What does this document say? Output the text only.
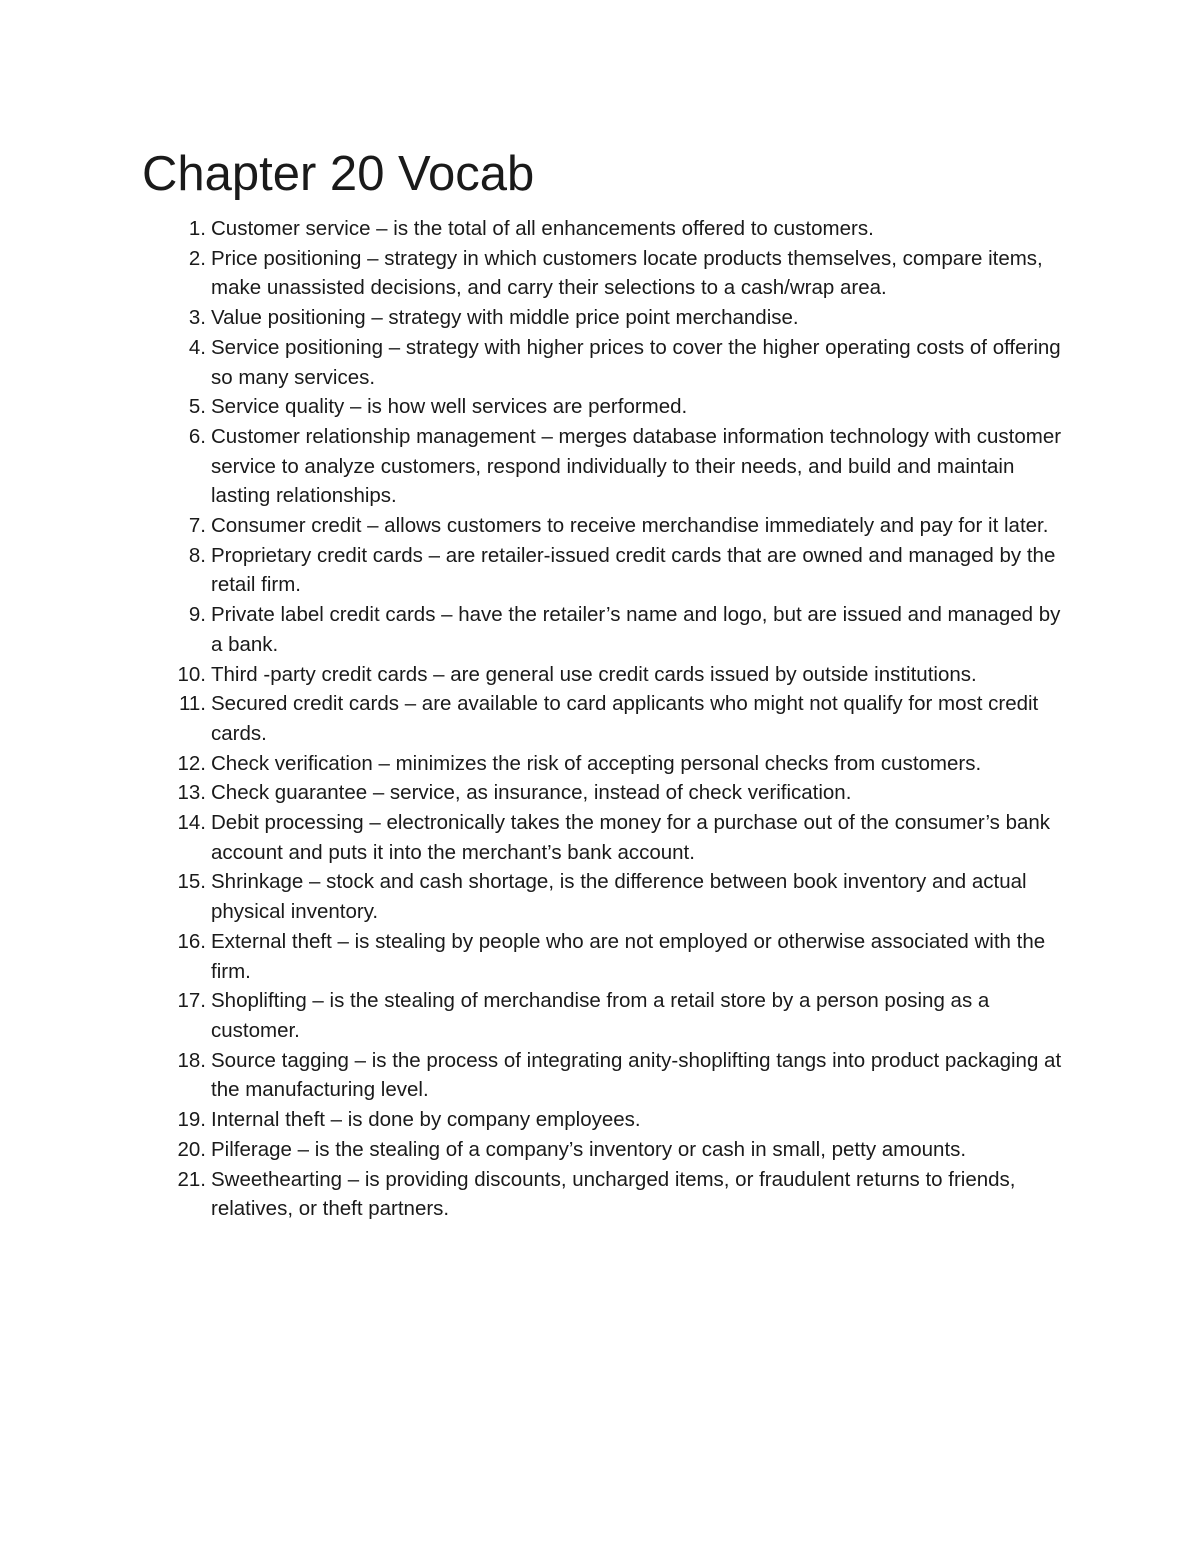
Chapter 20 Vocab
1. Customer service – is the total of all enhancements offered to customers.
2. Price positioning – strategy in which customers locate products themselves, compare items, make unassisted decisions, and carry their selections to a cash/wrap area.
3. Value positioning – strategy with middle price point merchandise.
4. Service positioning – strategy with higher prices to cover the higher operating costs of offering so many services.
5. Service quality – is how well services are performed.
6. Customer relationship management – merges database information technology with customer service to analyze customers, respond individually to their needs, and build and maintain lasting relationships.
7. Consumer credit – allows customers to receive merchandise immediately and pay for it later.
8. Proprietary credit cards – are retailer-issued credit cards that are owned and managed by the retail firm.
9. Private label credit cards – have the retailer’s name and logo, but are issued and managed by a bank.
10. Third -party credit cards – are general use credit cards issued by outside institutions.
11. Secured credit cards – are available to card applicants who might not qualify for most credit cards.
12. Check verification – minimizes the risk of accepting personal checks from customers.
13. Check guarantee – service, as insurance, instead of check verification.
14. Debit processing – electronically takes the money for a purchase out of the consumer’s bank account and puts it into the merchant’s bank account.
15. Shrinkage – stock and cash shortage, is the difference between book inventory and actual physical inventory.
16. External theft – is stealing by people who are not employed or otherwise associated with the firm.
17. Shoplifting – is the stealing of merchandise from a retail store by a person posing as a customer.
18. Source tagging – is the process of integrating anity-shoplifting tangs into product packaging at the manufacturing level.
19. Internal theft – is done by company employees.
20. Pilferage – is the stealing of a company’s inventory or cash in small, petty amounts.
21. Sweethearting – is providing discounts, uncharged items, or fraudulent returns to friends, relatives, or theft partners.
